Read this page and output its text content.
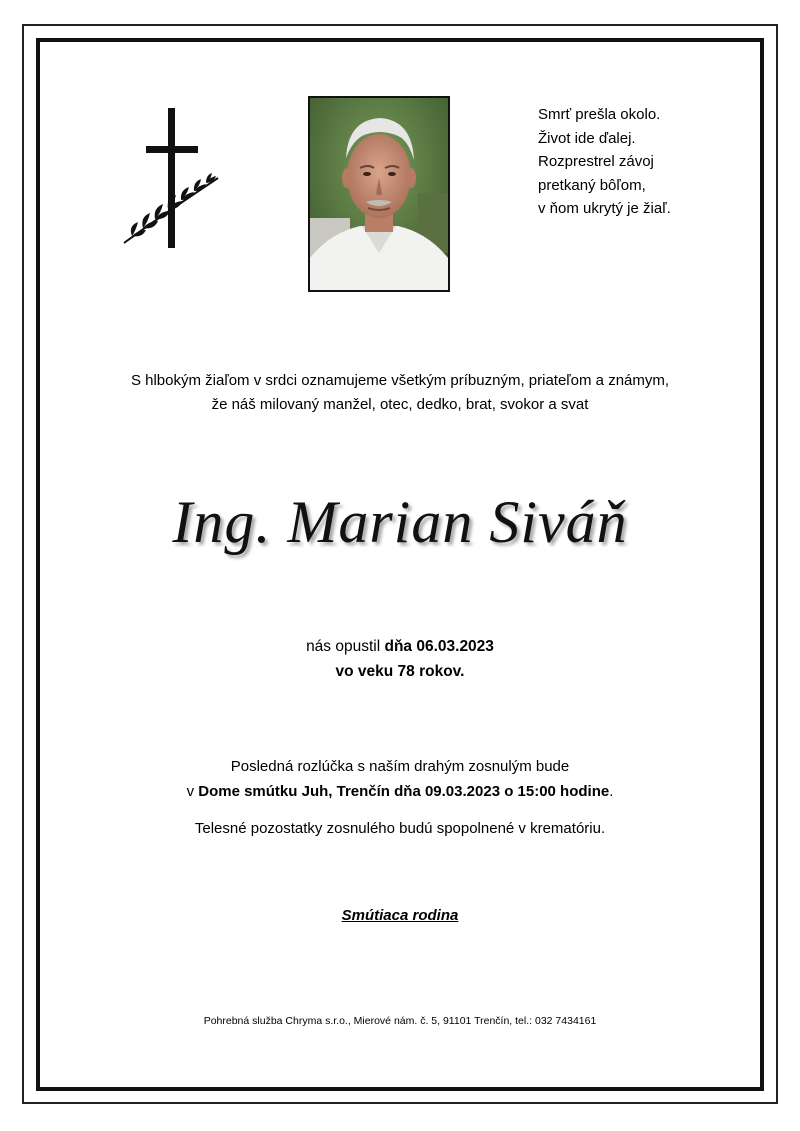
Smrť prešla okolo.
Život ide ďalej.
Rozprestrel závoj
pretkaný bôľom,
v ňom ukrytý je žiaľ.
S hlbokým žiaľom v srdci oznamujeme všetkým príbuzným, priateľom a známym,
že náš milovaný manžel, otec, dedko, brat, svokor a svat
Ing. Marian Siváň
nás opustil dňa 06.03.2023
vo veku 78 rokov.
Posledná rozlúčka s naším drahým zosnulým bude
v Dome smútku Juh, Trenčín dňa 09.03.2023 o 15:00 hodine.
Telesné pozostatky zosnulého budú spopolnené v krematóriu.
Smútiaca rodina
Pohrebná služba Chryma s.r.o., Mierové nám. č. 5, 91101 Trenčín, tel.: 032 7434161
